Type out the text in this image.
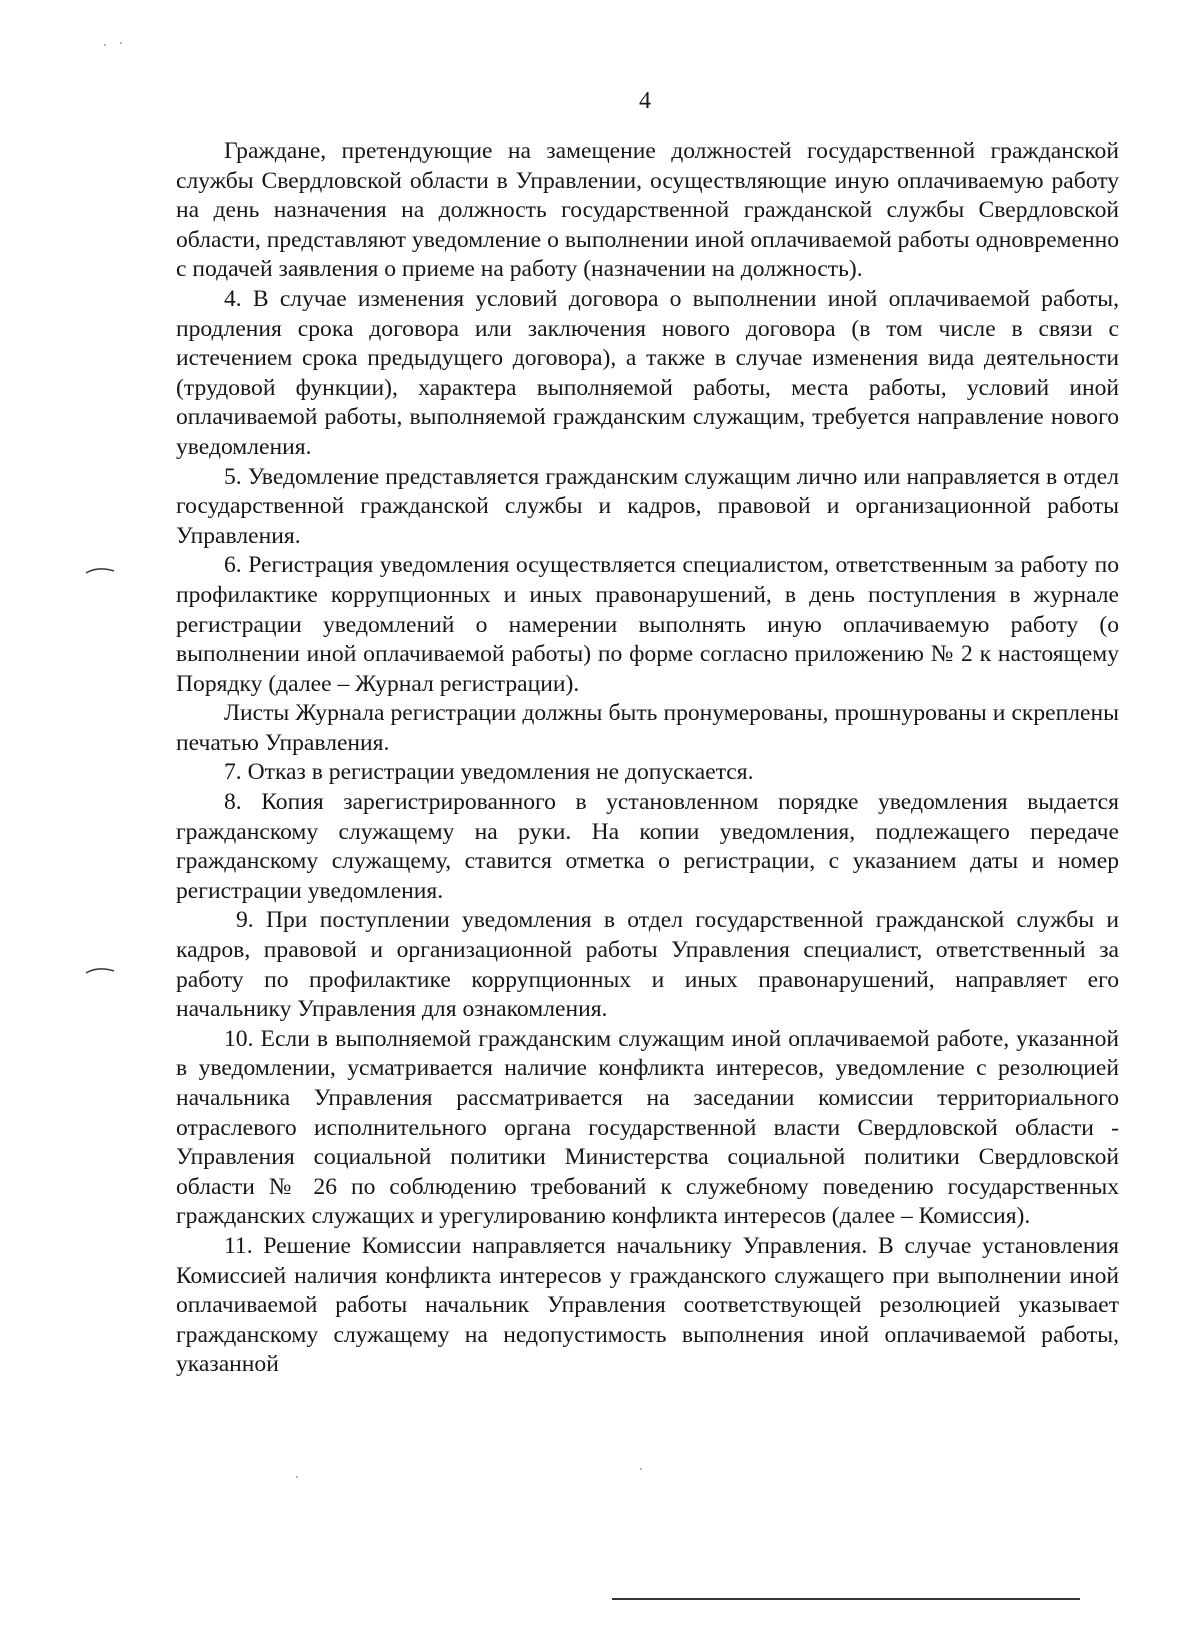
4

Граждане, претендующие на замещение должностей государственной гражданской службы Свердловской области в Управлении, осуществляющие иную оплачиваемую работу на день назначения на должность государственной гражданской службы Свердловской области, представляют уведомление о выполнении иной оплачиваемой работы одновременно с подачей заявления о приеме на работу (назначении на должность).

4. В случае изменения условий договора о выполнении иной оплачиваемой работы, продления срока договора или заключения нового договора (в том числе в связи с истечением срока предыдущего договора), а также в случае изменения вида деятельности (трудовой функции), характера выполняемой работы, места работы, условий иной оплачиваемой работы, выполняемой гражданским служащим, требуется направление нового уведомления.

5. Уведомление представляется гражданским служащим лично или направляется в отдел государственной гражданской службы и кадров, правовой и организационной работы Управления.

6. Регистрация уведомления осуществляется специалистом, ответственным за работу по профилактике коррупционных и иных правонарушений, в день поступления в журнале регистрации уведомлений о намерении выполнять иную оплачиваемую работу (о выполнении иной оплачиваемой работы) по форме согласно приложению № 2 к настоящему Порядку (далее – Журнал регистрации).

Листы Журнала регистрации должны быть пронумерованы, прошнурованы и скреплены печатью Управления.

7. Отказ в регистрации уведомления не допускается.

8. Копия зарегистрированного в установленном порядке уведомления выдается гражданскому служащему на руки. На копии уведомления, подлежащего передаче гражданскому служащему, ставится отметка о регистрации, с указанием даты и номер регистрации уведомления.

9. При поступлении уведомления в отдел государственной гражданской службы и кадров, правовой и организационной работы Управления специалист, ответственный за работу по профилактике коррупционных и иных правонарушений, направляет его начальнику Управления для ознакомления.

10. Если в выполняемой гражданским служащим иной оплачиваемой работе, указанной в уведомлении, усматривается наличие конфликта интересов, уведомление с резолюцией начальника Управления рассматривается на заседании комиссии территориального отраслевого исполнительного органа государственной власти Свердловской области - Управления социальной политики Министерства социальной политики Свердловской области № 26 по соблюдению требований к служебному поведению государственных гражданских служащих и урегулированию конфликта интересов (далее – Комиссия).

11. Решение Комиссии направляется начальнику Управления. В случае установления Комиссией наличия конфликта интересов у гражданского служащего при выполнении иной оплачиваемой работы начальник Управления соответствующей резолюцией указывает гражданскому служащему на недопустимость выполнения иной оплачиваемой работы, указанной
